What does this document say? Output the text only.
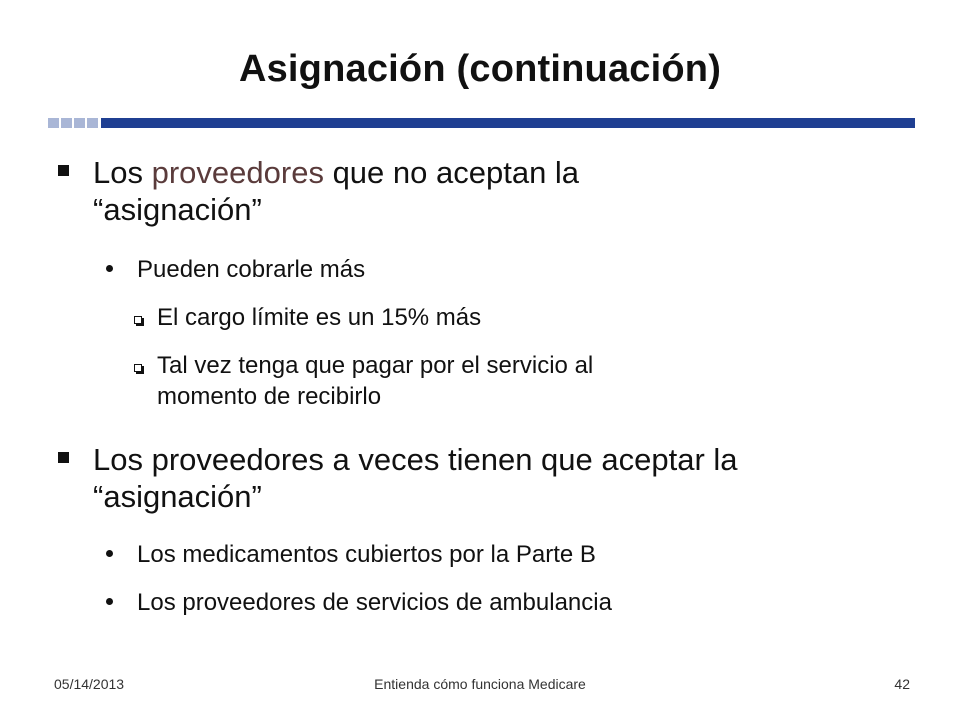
Asignación (continuación)
Los proveedores que no aceptan la
“asignación”
Pueden cobrarle más
El cargo límite es un 15% más
Tal vez tenga que pagar por el servicio al
momento de recibirlo
Los proveedores a veces tienen que aceptar la
“asignación”
Los medicamentos cubiertos por la Parte B
Los proveedores de servicios de ambulancia
05/14/2013	Entienda cómo funciona Medicare	42
